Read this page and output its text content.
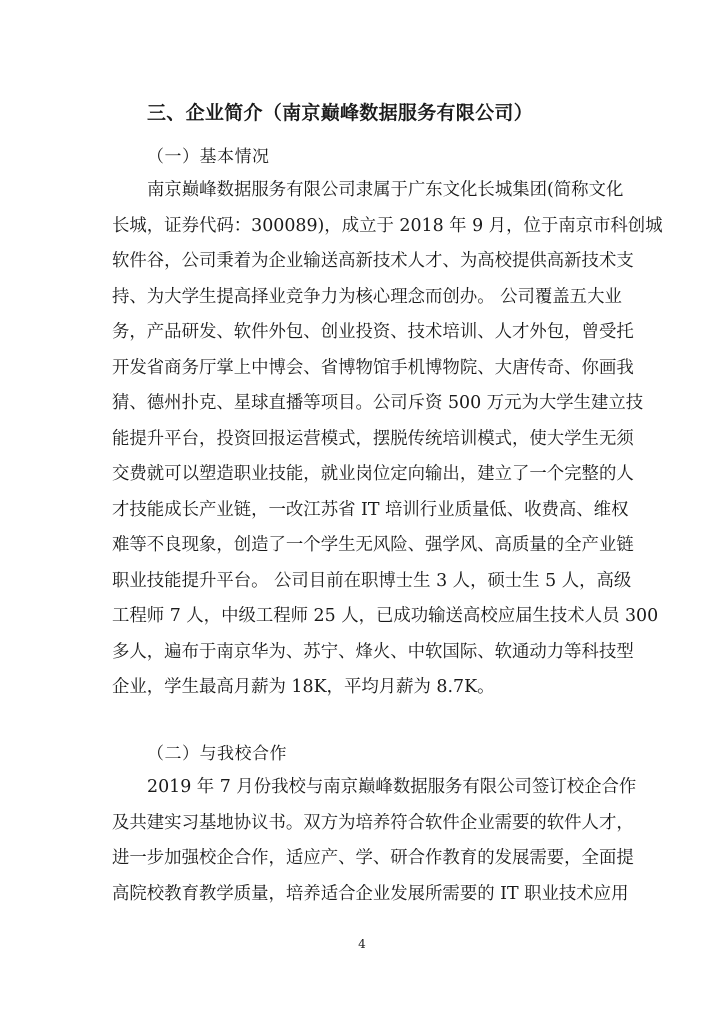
三、企业简介（南京巅峰数据服务有限公司）
（一）基本情况
南京巅峰数据服务有限公司隶属于广东文化长城集团(简称文化
长城，证券代码：300089)，成立于 2018 年 9 月，位于南京市科创城
软件谷，公司秉着为企业输送高新技术人才、为高校提供高新技术支
持、为大学生提高择业竞争力为核心理念而创办。 公司覆盖五大业
务，产品研发、软件外包、创业投资、技术培训、人才外包，曾受托
开发省商务厅掌上中博会、省博物馆手机博物院、大唐传奇、你画我
猜、德州扑克、星球直播等项目。公司斥资 500 万元为大学生建立技
能提升平台，投资回报运营模式，摆脱传统培训模式，使大学生无须
交费就可以塑造职业技能，就业岗位定向输出，建立了一个完整的人
才技能成长产业链，一改江苏省 IT 培训行业质量低、收费高、维权
难等不良现象，创造了一个学生无风险、强学风、高质量的全产业链
职业技能提升平台。 公司目前在职博士生 3 人，硕士生 5 人，高级
工程师 7 人，中级工程师 25 人，已成功输送高校应届生技术人员 300
多人，遍布于南京华为、苏宁、烽火、中软国际、软通动力等科技型
企业，学生最高月薪为 18K，平均月薪为 8.7K。
（二）与我校合作
2019 年 7 月份我校与南京巅峰数据服务有限公司签订校企合作
及共建实习基地协议书。双方为培养符合软件企业需要的软件人才，
进一步加强校企合作，适应产、学、研合作教育的发展需要，全面提
高院校教育教学质量，培养适合企业发展所需要的 IT 职业技术应用
4
